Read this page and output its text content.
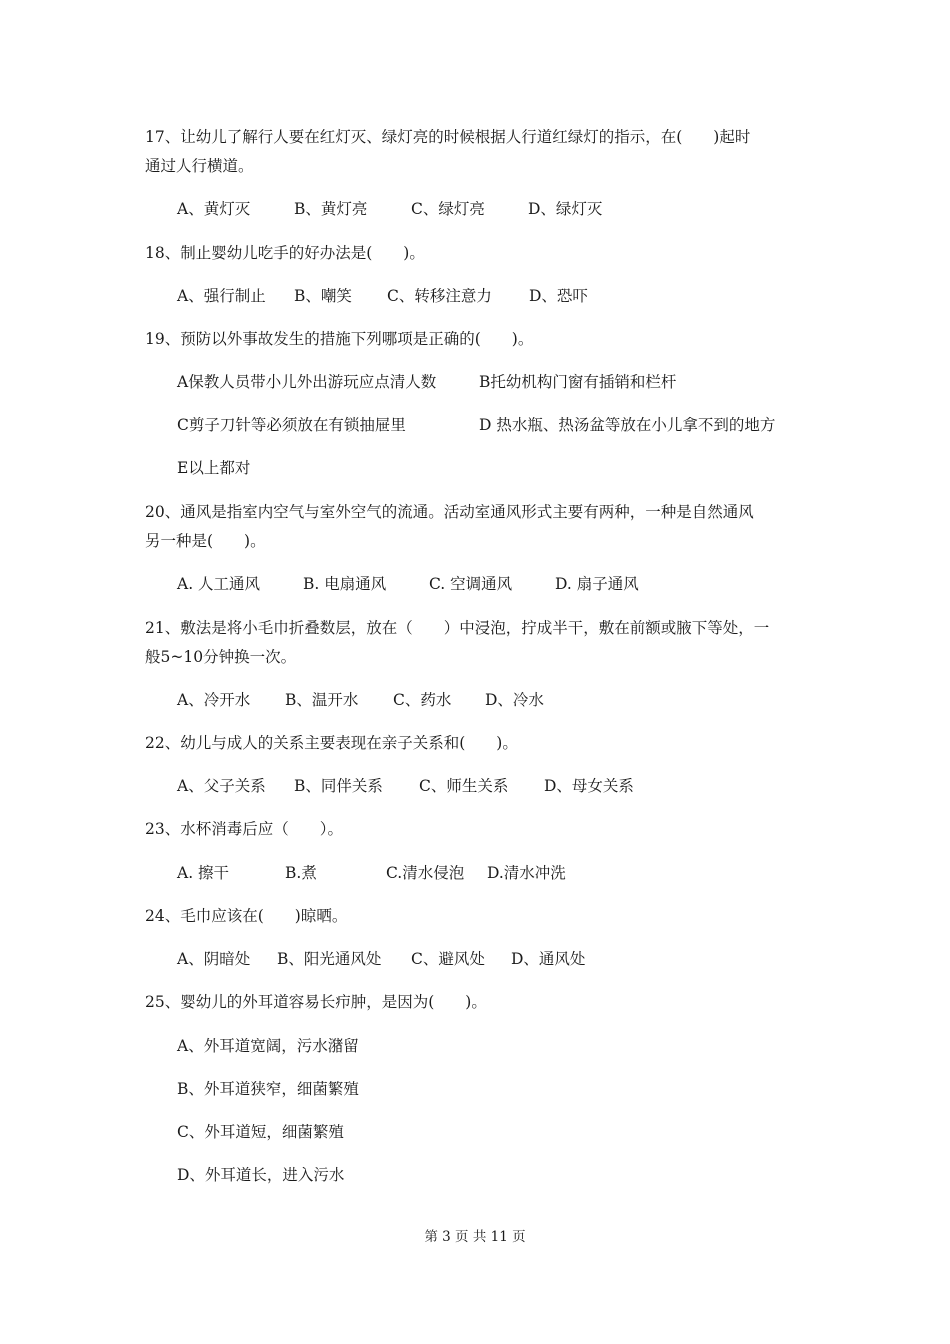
17、让幼儿了解行人要在红灯灭、绿灯亮的时候根据人行道红绿灯的指示，在(　　)起时
通过人行横道。
A、黄灯灭	B、黄灯亮	C、绿灯亮	D、绿灯灭
18、制止婴幼儿吃手的好办法是(　　)。
A、强行制止 B、嘲笑 C、转移注意力 D、恐吓
19、预防以外事故发生的措施下列哪项是正确的(　　)。
A保教人员带小儿外出游玩应点清人数	B托幼机构门窗有插销和栏杆
C剪子刀针等必须放在有锁抽屉里	D 热水瓶、热汤盆等放在小儿拿不到的地方
E以上都对
20、通风是指室内空气与室外空气的流通。活动室通风形式主要有两种，一种是自然通风
另一种是(　　)。
A. 人工通风	B. 电扇通风	C. 空调通风	D. 扇子通风
21、敷法是将小毛巾折叠数层，放在（　　）中浸泡，拧成半干，敷在前额或腋下等处，一
般5~10分钟换一次。
A、冷开水 B、温开水 C、药水 D、冷水
22、幼儿与成人的关系主要表现在亲子关系和(　　)。
A、父子关系 B、同伴关系 C、师生关系 D、母女关系
23、水杯消毒后应（　　）。
A. 擦干	B.煮	C.清水侵泡 D.清水冲洗
24、毛巾应该在(　　)晾晒。
A、阴暗处 B、阳光通风处 C、避风处 D、通风处
25、婴幼儿的外耳道容易长疖肿，是因为(　　)。
A、外耳道宽阔，污水潴留
B、外耳道狭窄，细菌繁殖
C、外耳道短，细菌繁殖
D、外耳道长，进入污水
第 3 页 共 11 页
